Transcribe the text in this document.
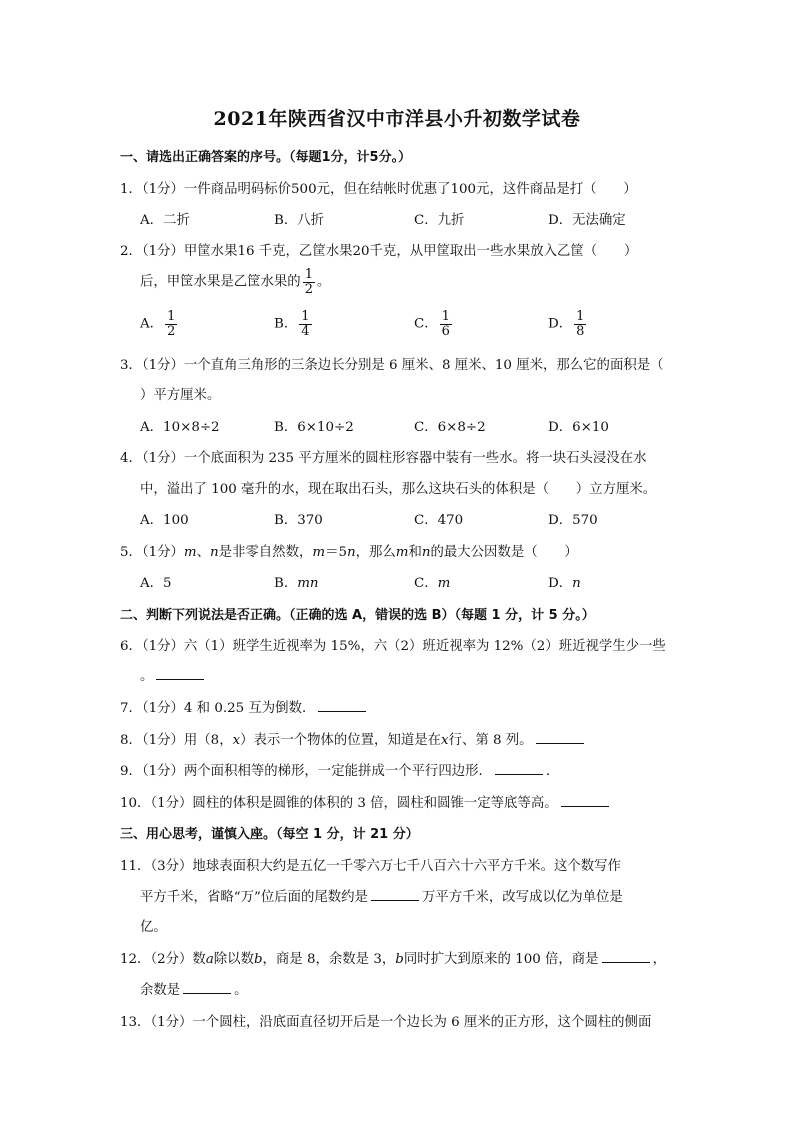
2021年陕西省汉中市洋县小升初数学试卷
一、请选出正确答案的序号。（每题1分，计5分。）
1．（1分）一件商品明码标价500元，但在结帐时优惠了100元，这件商品是打（　　）
A．二折	B．八折	C．九折	D．无法确定
2．（1分）甲筐水果16 千克，乙筐水果20千克，从甲筐取出一些水果放入乙筐（　　）
后，甲筐水果是乙筐水果的 $\frac{1}{2}$ 。
A． $\frac{1}{2}$	B． $\frac{1}{4}$	C． $\frac{1}{6}$	D． $\frac{1}{8}$
3．（1分）一个直角三角形的三条边长分别是 6 厘米、8 厘米、10 厘米，那么它的面积是（
）平方厘米。
A．10×8÷2	B．6×10÷2	C．6×8÷2	D．6×10
4．（1分）一个底面积为 235 平方厘米的圆柱形容器中装有一些水。将一块石头浸没在水
中，溢出了 100 毫升的水，现在取出石头，那么这块石头的体积是（　　）立方厘米。
A．100	B．370	C．470	D．570
5．（1分）m、n是非零自然数，m＝5n，那么m和n的最大公因数是（　　）
A．5	B．mn	C．m	D．n
二、判断下列说法是否正确。（正确的选 A，错误的选 B）（每题 1 分，计 5 分。）
6．（1分）六（1）班学生近视率为 15%，六（2）班近视率为 12%（2）班近视学生少一些
。
7．（1分）4 和 0.25 互为倒数．
8．（1分）用（8，x）表示一个物体的位置，知道是在x行、第 8 列。
9．（1分）两个面积相等的梯形，一定能拼成一个平行四边形．	．
10．（1分）圆柱的体积是圆锥的体积的 3 倍，圆柱和圆锥一定等底等高。
三、用心思考，谨慎入座。（每空 1 分，计 21 分）
11．（3分）地球表面积大约是五亿一千零六万七千八百六十六平方千米。这个数写作
平方千米，省略“万”位后面的尾数约是	万平方千米，改写成以亿为单位是
亿。
12．（2分）数a除以数b，商是 8，余数是 3，b同时扩大到原来的 100 倍，商是	，
余数是	。
13．（1分）一个圆柱，沿底面直径切开后是一个边长为 6 厘米的正方形，这个圆柱的侧面
